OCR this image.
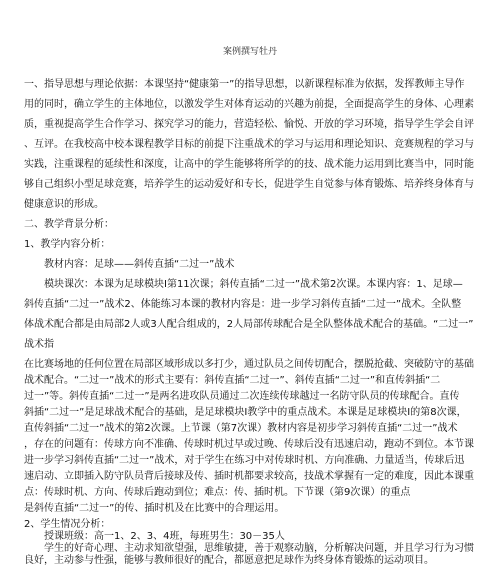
案例撰写牡丹
一、指导思想与理论依据：本课坚持“健康第一”的指导思想，以新课程标准为依据，发挥教师主导作
用的同时，确立学生的主体地位，以激发学生对体育运动的兴趣为前提，全面提高学生的身体、心理素
质，重视提高学生合作学习、探究学习的能力，营造轻松、愉悦、开放的学习环境，指导学生学会自评
、互评。在我校高中校本课程教学目标的前提下注重战术的学习与运用和理论知识、竞赛规程的学习与
实践，注重课程的延续性和深度，让高中的学生能够将所学的的技、战术能力运用到比赛当中，同时能
够自己组织小型足球竞赛，培养学生的运动爱好和专长，促进学生自觉参与体育锻炼、培养终身体育与
健康意识的形成。
二、教学背景分析：
1、教学内容分析：
教材内容：足球——斜传直插“二过一”战术
模块课次：本课为足球模块Ⅰ第11次课；斜传直插“二过一”战术第2次课。本课内容：1、足球—
斜传直插“二过一”战术2、体能练习本课的教材内容是：进一步学习斜传直插“二过一”战术。全队整
体战术配合都是由局部2人或3人配合组成的，2人局部传球配合是全队整体战术配合的基础。“二过一”
战术指
在比赛场地的任何位置在局部区域形成以多打少，通过队员之间传切配合，摆脱抢截、突破防守的基础
战术配合。“二过一”战术的形式主要有：斜传直插“二过一”、斜传直插“二过一”和直传斜插“二
过一”等。斜传直插“二过一”是两名进攻队员通过二次连续传球越过一名防守队员的传球配合。直传
斜插“二过一”是足球战术配合的基础，是足球模块Ⅰ教学中的重点战术。本课是足球模块Ⅰ的第8次课，
直传斜插“二过一”战术的第2次课。上节课（第7次课）教材内容是初步学习斜传直插“二过一”战术
，存在的问题有：传球方向不准确、传球时机过早或过晚、传球后没有迅速启动，跑动不到位。本节课
进一步学习斜传直插“二过一”战术，对于学生在练习中对传球时机、方向准确、力量适当，传球后迅
速启动、立即插入防守队员背后接球及传、插时机都要求较高，技战术掌握有一定的难度，因此本课重
点：传球时机、方向、传球后跑动到位；难点：传、插时机。下节课（第9次课）的重点
是斜传直插“二过一”的传、插时机及在比赛中的合理运用。
2、学生情况分析：
授课班级：高一1、2、3、4班，每班男生：30－35人
学生的好奇心理、主动求知欲望强，思维敏捷，善于观察动脑，分析解决问题，并且学习行为习惯
良好，主动参与性强，能够与教师很好的配合，都愿意把足球作为终身体育锻炼的运动项目。
